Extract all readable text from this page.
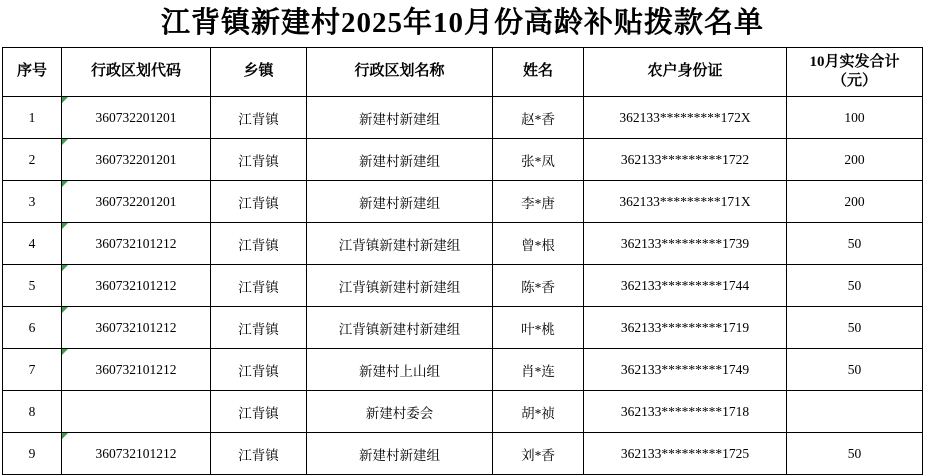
江背镇新建村2025年10月份高龄补贴拨款名单
序号	行政区划代码	乡镇	行政区划名称	姓名	农户身份证	10月实发合计
（元）

1	360732201201	江背镇	新建村新建组	赵*香	362133*********172X	100
2	360732201201	江背镇	新建村新建组	张*凤	362133*********1722	200
3	360732201201	江背镇	新建村新建组	李*唐	362133*********171X	200
4	360732101212	江背镇	江背镇新建村新建组	曾*根	362133*********1739	50
5	360732101212	江背镇	江背镇新建村新建组	陈*香	362133*********1744	50
6	360732101212	江背镇	江背镇新建村新建组	叶*桃	362133*********1719	50
7	360732101212	江背镇	新建村上山组	肖*连	362133*********1749	50
8		江背镇	新建村委会	胡*祯	362133*********1718	
9	360732101212	江背镇	新建村新建组	刘*香	362133*********1725	50
